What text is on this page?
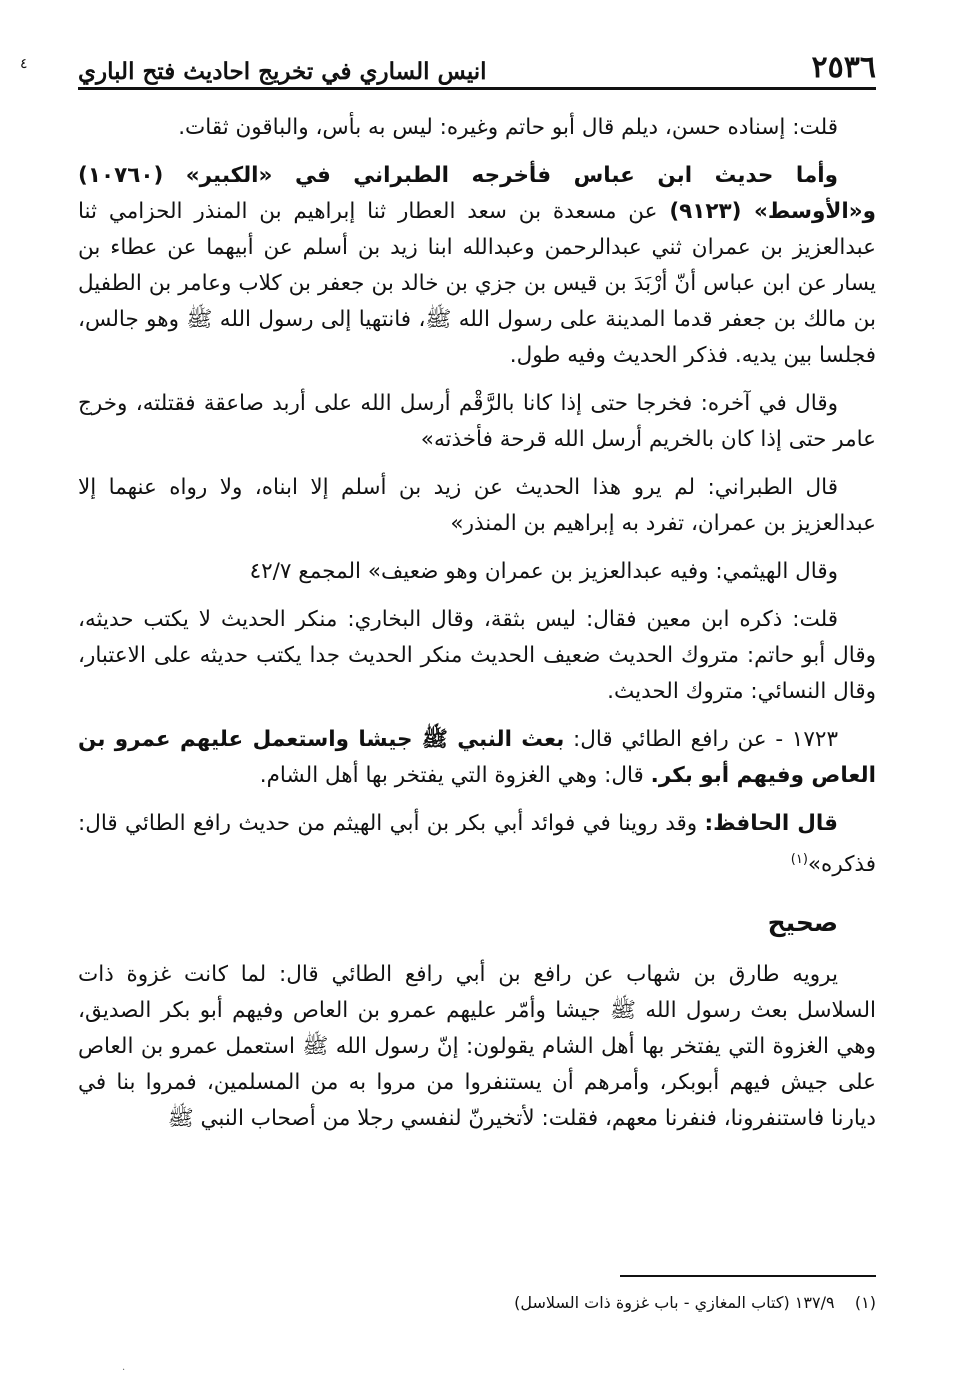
٤	٢٥٣٦
انيس الساري في تخريج احاديث فتح الباري

قلت: إسناده حسن، ديلم قال أبو حاتم وغيره: ليس به بأس، والباقون ثقات.

وأما حديث ابن عباس فأخرجه الطبراني في «الكبير» (١٠٧٦٠) و«الأوسط» (٩١٢٣) عن مسعدة بن سعد العطار ثنا إبراهيم بن المنذر الحزامي ثنا عبدالعزيز بن عمران ثني عبدالرحمن وعبدالله ابنا زيد بن أسلم عن أبيهما عن عطاء بن يسار عن ابن عباس أنّ أرْبَدَ بن قيس بن جزي بن خالد بن جعفر بن كلاب وعامر بن الطفيل بن مالك بن جعفر قدما المدينة على رسول الله ﷺ، فانتهيا إلى رسول الله ﷺ وهو جالس، فجلسا بين يديه. فذكر الحديث وفيه طول.

وقال في آخره: فخرجا حتى إذا كانا بالرَّقْم أرسل الله على أربد صاعقة فقتلته، وخرج عامر حتى إذا كان بالخريم أرسل الله قرحة فأخذته»

قال الطبراني: لم يرو هذا الحديث عن زيد بن أسلم إلا ابناه، ولا رواه عنهما إلا عبدالعزيز بن عمران، تفرد به إبراهيم بن المنذر»

وقال الهيثمي: وفيه عبدالعزيز بن عمران وهو ضعيف» المجمع ٤٢/٧

قلت: ذكره ابن معين فقال: ليس بثقة، وقال البخاري: منكر الحديث لا يكتب حديثه، وقال أبو حاتم: متروك الحديث ضعيف الحديث منكر الحديث جدا يكتب حديثه على الاعتبار، وقال النسائي: متروك الحديث.

١٧٢٣ - عن رافع الطائي قال: بعث النبي ﷺ جيشا واستعمل عليهم عمرو بن العاص وفيهم أبو بكر. قال: وهي الغزوة التي يفتخر بها أهل الشام.

قال الحافظ: وقد روينا في فوائد أبي بكر بن أبي الهيثم من حديث رافع الطائي قال: فذكره»$^{(١)}$

صحيح

يرويه طارق بن شهاب عن رافع بن أبي رافع الطائي قال: لما كانت غزوة ذات السلاسل بعث رسول الله ﷺ جيشا وأمّر عليهم عمرو بن العاص وفيهم أبو بكر الصديق، وهي الغزوة التي يفتخر بها أهل الشام يقولون: إنّ رسول الله ﷺ استعمل عمرو بن العاص على جيش فيهم أبوبكر، وأمرهم أن يستنفروا من مروا به من المسلمين، فمروا بنا في ديارنا فاستنفرونا، فنفرنا معهم، فقلت: لأتخيرنّ لنفسي رجلا من أصحاب النبي ﷺ

(١)    ١٣٧/٩ (كتاب المغازي - باب غزوة ذات السلاسل)
.
